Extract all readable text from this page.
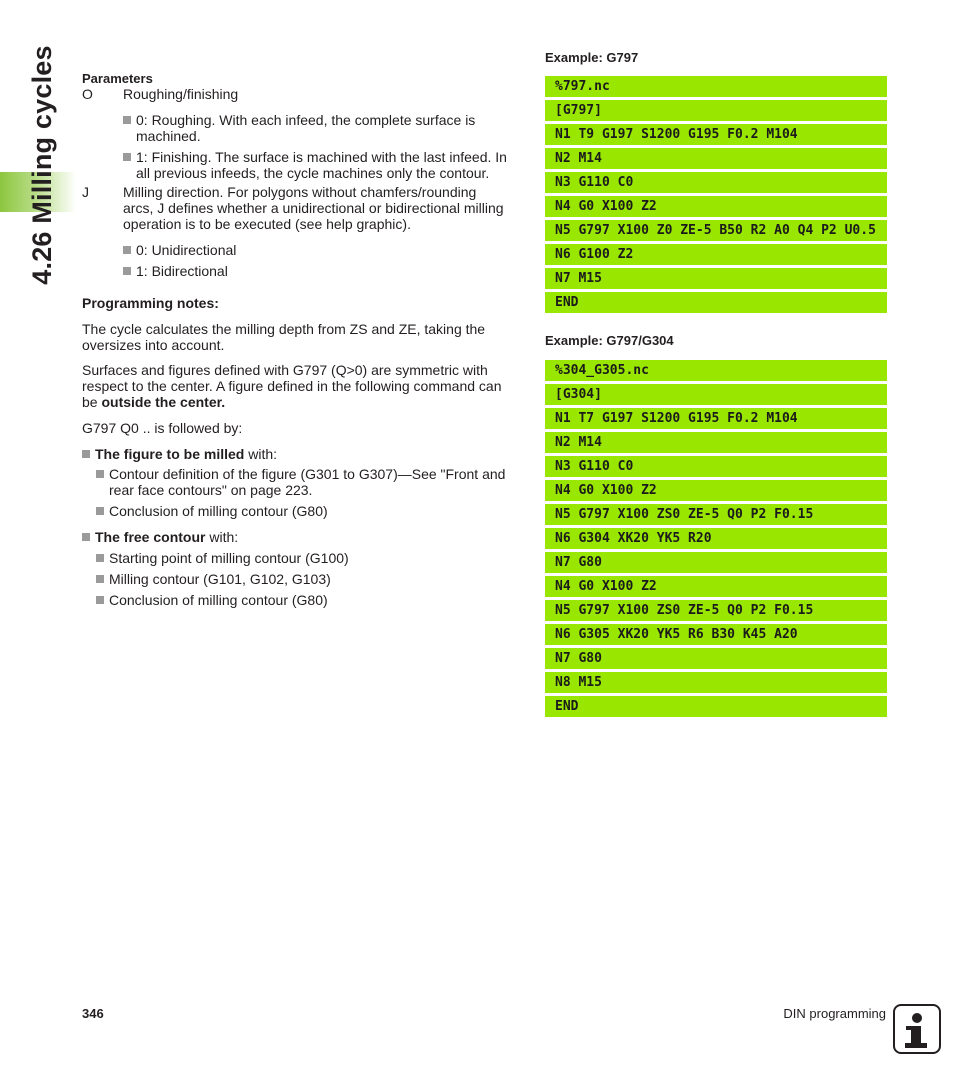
4.26 Milling cycles Parameters
O Roughing/finishing
0: Roughing. With each infeed, the complete surface is
machined.
1: Finishing. The surface is machined with the last infeed. In
all previous infeeds, the cycle machines only the contour.
J Milling direction. For polygons without chamfers/rounding
arcs, J defines whether a unidirectional or bidirectional milling
operation is to be executed (see help graphic).
0: Unidirectional
1: Bidirectional
Programming notes:
The cycle calculates the milling depth from ZS and ZE, taking the
oversizes into account.
Surfaces and figures defined with G797 (Q>0) are symmetric with
respect to the center. A figure defined in the following command can
be outside the center.
G797 Q0 .. is followed by:
The figure to be milled with:
Contour definition of the figure (G301 to G307)—See "Front and
rear face contours" on page 223.
Conclusion of milling contour (G80)
The free contour with:
Starting point of milling contour (G100)
Milling contour (G101, G102, G103)
Conclusion of milling contour (G80)
Example: G797
%797.nc
[G797]
N1 T9 G197 S1200 G195 F0.2 M104
N2 M14
N3 G110 C0
N4 G0 X100 Z2
N5 G797 X100 Z0 ZE-5 B50 R2 A0 Q4 P2 U0.5
N6 G100 Z2
N7 M15
END
Example: G797/G304
%304_G305.nc
[G304]
N1 T7 G197 S1200 G195 F0.2 M104
N2 M14
N3 G110 C0
N4 G0 X100 Z2
N5 G797 X100 ZS0 ZE-5 Q0 P2 F0.15
N6 G304 XK20 YK5 R20
N7 G80
N4 G0 X100 Z2
N5 G797 X100 ZS0 ZE-5 Q0 P2 F0.15
N6 G305 XK20 YK5 R6 B30 K45 A20
N7 G80
N8 M15
END
346	DIN programming
